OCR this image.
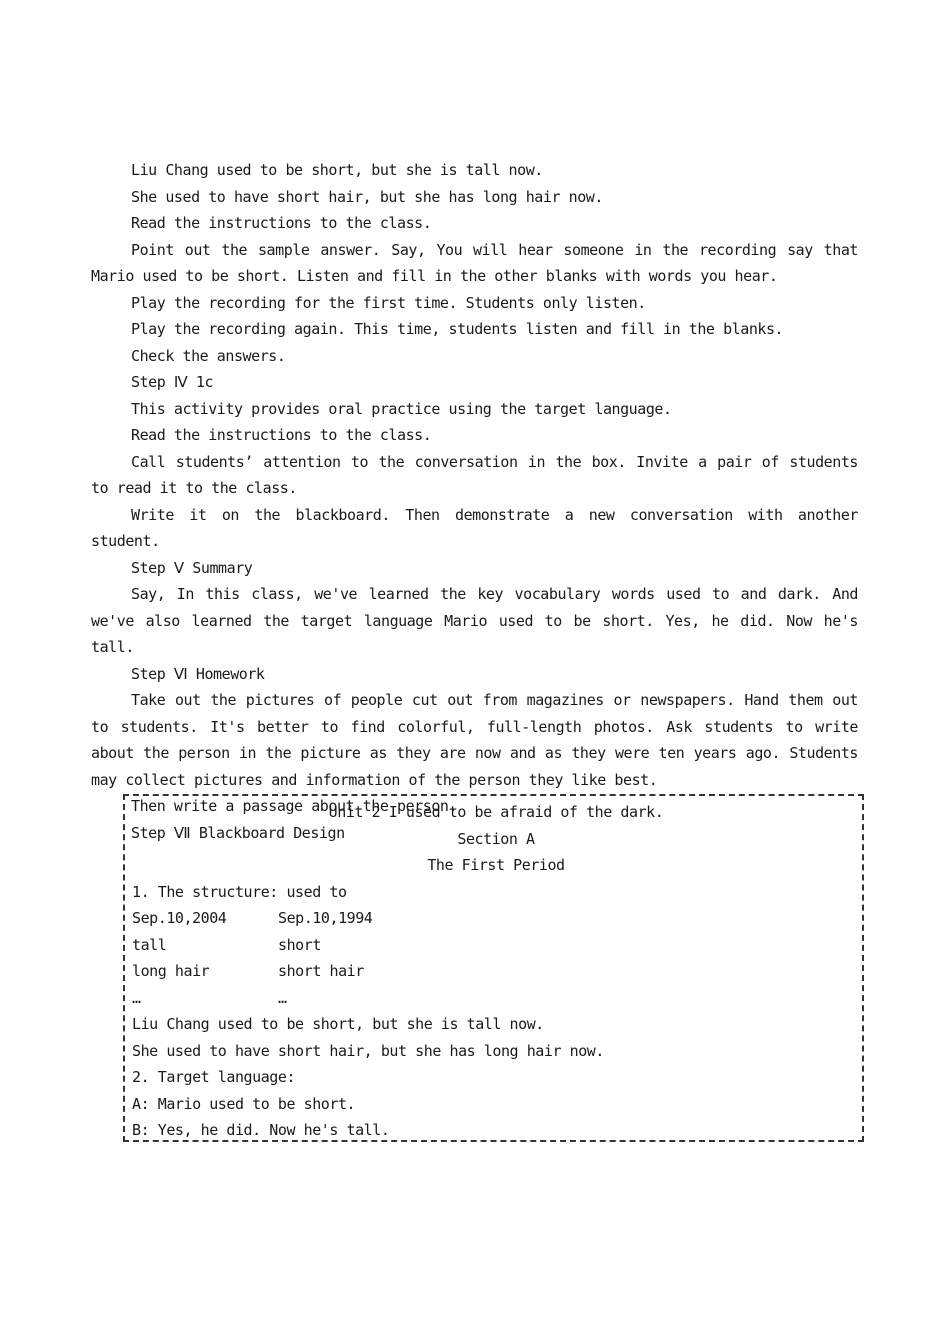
Liu Chang used to be short, but she is tall now.

She used to have short hair, but she has long hair now.

Read the instructions to the class.

Point out the sample answer. Say, You will hear someone in the recording say that Mario used to be short. Listen and fill in the other blanks with words you hear.

Play the recording for the first time. Students only listen.

Play the recording again. This time, students listen and fill in the blanks.

Check the answers.

Step Ⅳ 1c

This activity provides oral practice using the target language.

Read the instructions to the class.

Call students’ attention to the conversation in the box. Invite a pair of students to read it to the class.

Write it on the blackboard. Then demonstrate a new conversation with another student.

Step Ⅴ Summary

Say, In this class, we've learned the key vocabulary words used to and dark. And we've also learned the target language Mario used to be short. Yes, he did. Now he's tall.

Step Ⅵ Homework

Take out the pictures of people cut out from magazines or newspapers. Hand them out to students. It's better to find colorful, full-length photos. Ask students to write about the person in the picture as they are now and as they were ten years ago. Students may collect pictures and information of the person they like best.

Then write a passage about the person.

Step Ⅶ Blackboard Design

Unit 2 I used to be afraid of the dark.

Section A

The First Period

1. The structure: used to

Sep.10,2004	Sep.10,1994
tall	short
long hair	short hair
…	…

Liu Chang used to be short, but she is tall now.

She used to have short hair, but she has long hair now.

2. Target language:

A: Mario used to be short.

B: Yes, he did. Now he's tall.
